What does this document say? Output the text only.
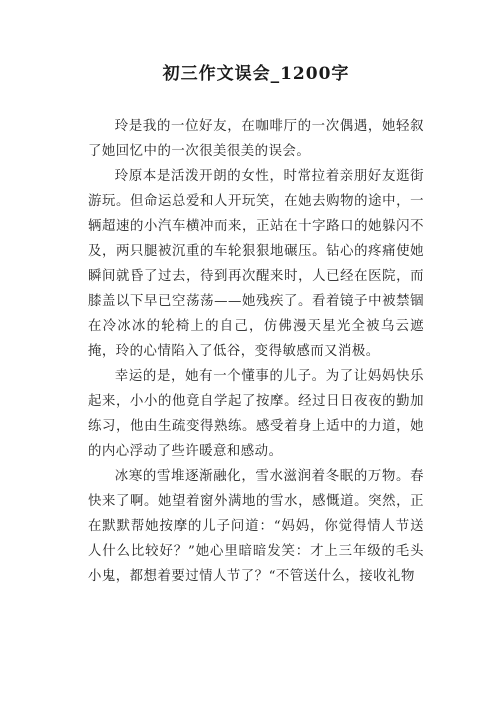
初三作文误会_1200字

玲是我的一位好友，在咖啡厅的一次偶遇，她轻叙了她回忆中的一次很美很美的误会。

玲原本是活泼开朗的女性，时常拉着亲朋好友逛街游玩。但命运总爱和人开玩笑，在她去购物的途中，一辆超速的小汽车横冲而来，正站在十字路口的她躲闪不及，两只腿被沉重的车轮狠狠地碾压。钻心的疼痛使她瞬间就昏了过去，待到再次醒来时，人已经在医院，而膝盖以下早已空荡荡——她残疾了。看着镜子中被禁锢在冷冰冰的轮椅上的自己，仿佛漫天星光全被乌云遮掩，玲的心情陷入了低谷，变得敏感而又消极。

幸运的是，她有一个懂事的儿子。为了让妈妈快乐起来，小小的他竟自学起了按摩。经过日日夜夜的勤加练习，他由生疏变得熟练。感受着身上适中的力道，她的内心浮动了些许暖意和感动。

冰寒的雪堆逐渐融化，雪水滋润着冬眠的万物。春快来了啊。她望着窗外满地的雪水，感慨道。突然，正在默默帮她按摩的儿子问道：“妈妈，你觉得情人节送人什么比较好？”她心里暗暗发笑：才上三年级的毛头小鬼，都想着要过情人节了？“不管送什么，接收礼物
